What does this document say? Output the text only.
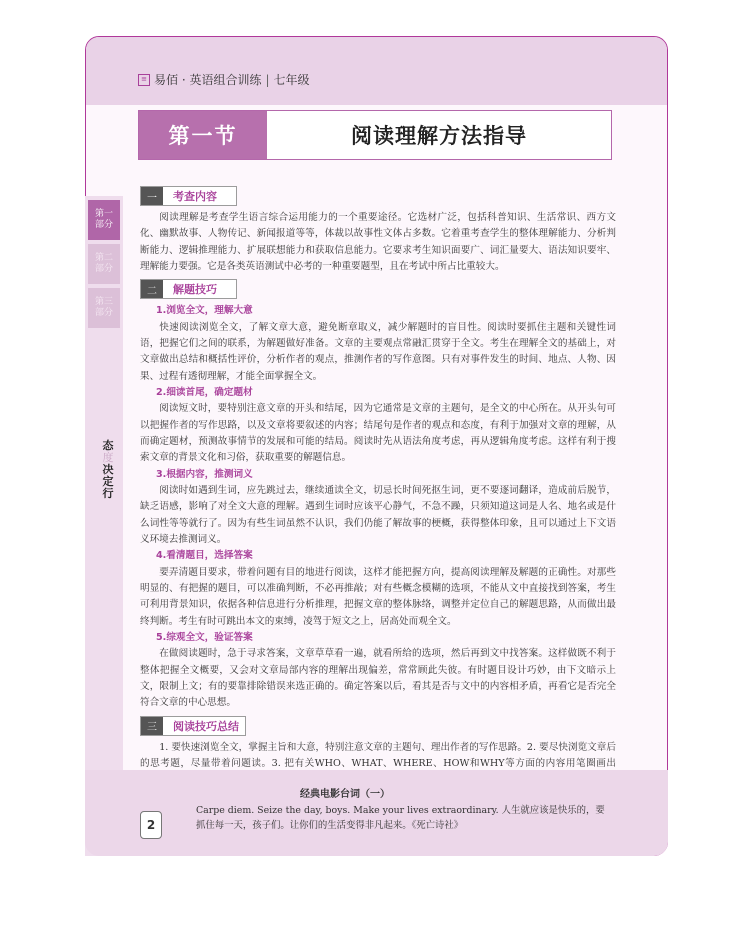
≡ 易佰 · 英语组合训练 | 七年级
第一
部分
第二
部分
第三
部分
态
度
决
定
行
第一节	阅读理解方法指导
一	考查内容

阅读理解是考查学生语言综合运用能力的一个重要途径。它选材广泛，包括科普知识、生活常识、西方文化、幽默故事、人物传记、新闻报道等等，体裁以故事性文体占多数。它着重考查学生的整体理解能力、分析判断能力、逻辑推理能力、扩展联想能力和获取信息能力。它要求考生知识面要广、词汇量要大、语法知识要牢、理解能力要强。它是各类英语测试中必考的一种重要题型，且在考试中所占比重较大。

二	解题技巧
1.浏览全文，理解大意

快速阅读浏览全文，了解文章大意，避免断章取义，减少解题时的盲目性。阅读时要抓住主题和关键性词语，把握它们之间的联系，为解题做好准备。文章的主要观点常融汇贯穿于全文。考生在理解全文的基础上，对文章做出总结和概括性评价，分析作者的观点，推测作者的写作意图。只有对事件发生的时间、地点、人物、因果、过程有透彻理解，才能全面掌握全文。

2.细读首尾，确定题材

阅读短文时，要特别注意文章的开头和结尾，因为它通常是文章的主题句，是全文的中心所在。从开头句可以把握作者的写作思路，以及文章将要叙述的内容；结尾句是作者的观点和态度，有利于加强对文章的理解，从而确定题材，预测故事情节的发展和可能的结局。阅读时先从语法角度考虑，再从逻辑角度考虑。这样有利于搜索文章的背景文化和习俗，获取重要的解题信息。

3.根据内容，推测词义

阅读时如遇到生词，应先跳过去，继续通读全文，切忌长时间死抠生词，更不要逐词翻译，造成前后脱节，缺乏语感，影响了对全文大意的理解。遇到生词时应该平心静气，不急不躁，只须知道这词是人名、地名或是什么词性等等就行了。因为有些生词虽然不认识，我们仍能了解故事的梗概，获得整体印象，且可以通过上下文语义环境去推测词义。

4.看清题目，选择答案

要弄清题目要求，带着问题有目的地进行阅读，这样才能把握方向，提高阅读理解及解题的正确性。对那些明显的、有把握的题目，可以准确判断，不必再推敲；对有些概念模糊的选项，不能从文中直接找到答案，考生可利用背景知识，依据各种信息进行分析推理，把握文章的整体脉络，调整并定位自己的解题思路，从而做出最终判断。考生有时可跳出本文的束缚，凌驾于短文之上，居高处而观全文。

5.综观全文，验证答案

在做阅读题时，急于寻求答案，文章草草看一遍，就看所给的选项，然后再到文中找答案。这样做既不利于整体把握全文概要，又会对文章局部内容的理解出现偏差，常常顾此失彼。有时题目设计巧妙，由下文暗示上文，限制上文；有的要靠排除错误来选正确的。确定答案以后，看其是否与文中的内容相矛盾，再看它是否完全符合文章的中心思想。

三	阅读技巧总结

1. 要快速浏览全文，掌握主旨和大意，特别注意文章的主题句、理出作者的写作思路。2. 要尽快浏览文章后的思考题，尽量带着问题读。3. 把有关WHO、WHAT、WHERE、HOW和WHY等方面的内容用笔圈画出

经典电影台词（一）
Carpe diem. Seize the day, boys. Make your lives extraordinary. 人生就应该是快乐的，要抓住每一天，孩子们。让你们的生活变得非凡起来。《死亡诗社》
2
